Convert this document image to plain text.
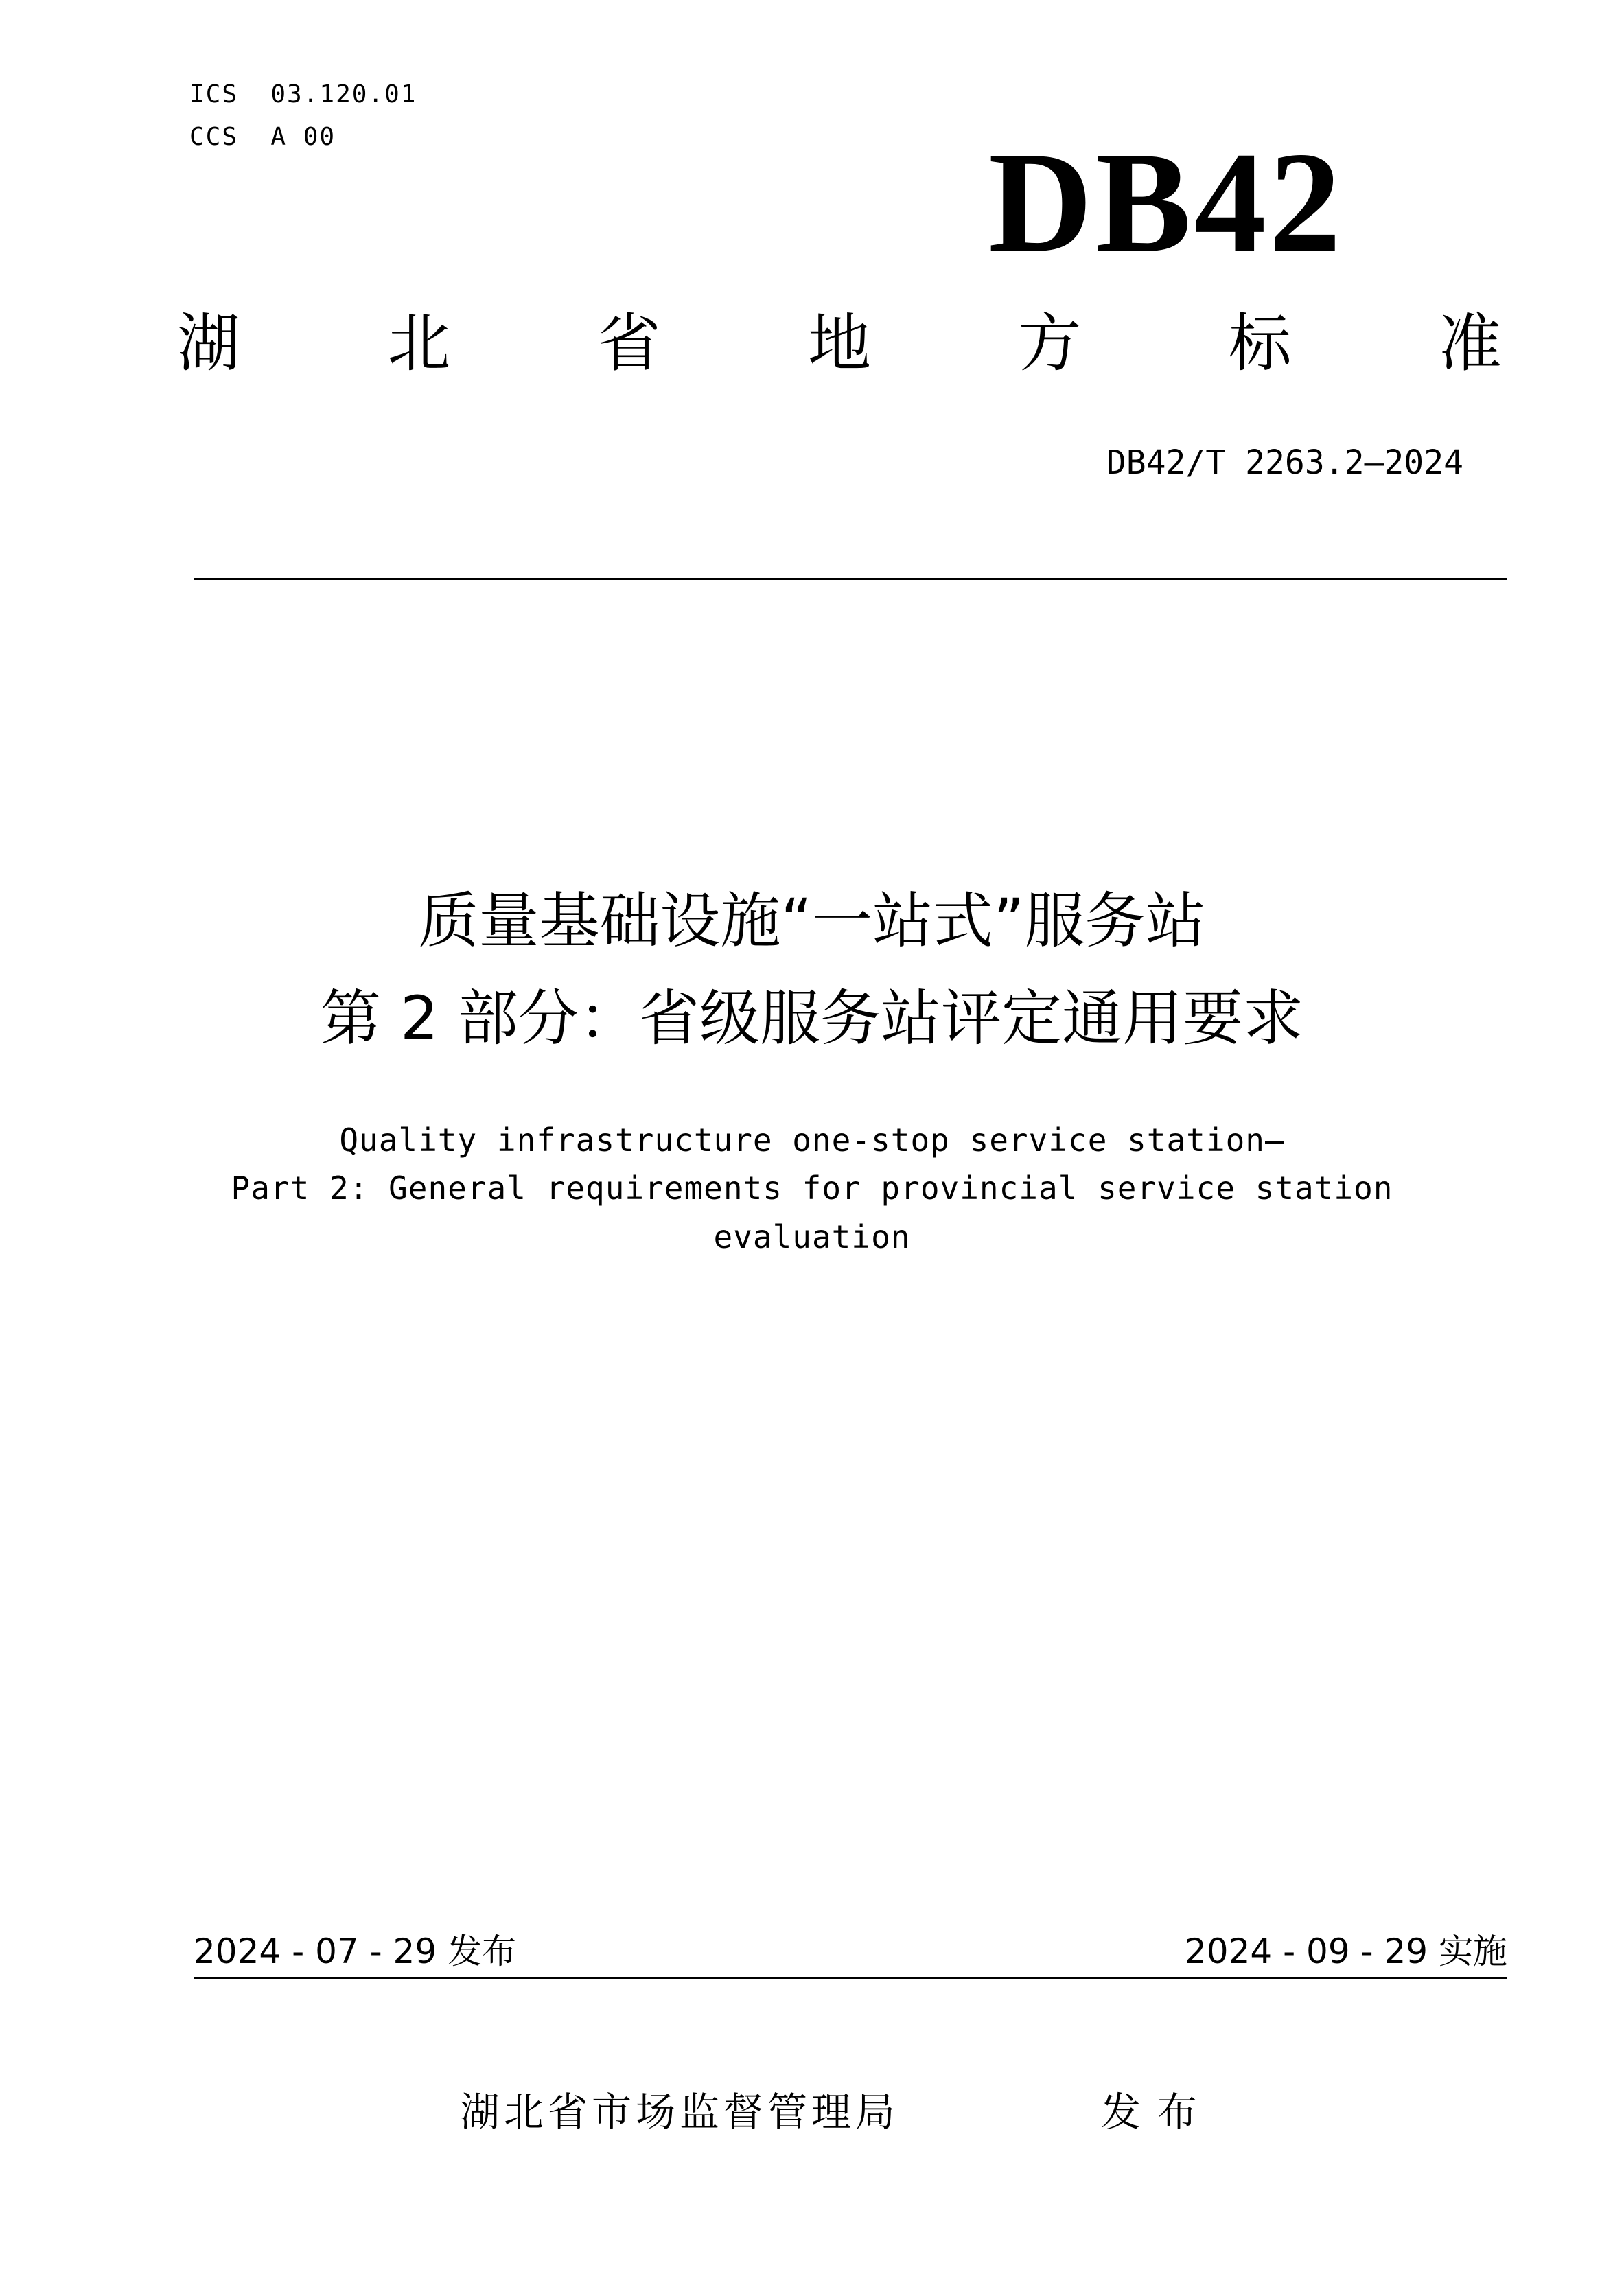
ICS  03.120.01
CCS  A 00	DB42
湖 北 省 地 方 标 准
DB42/T 2263.2—2024
质量基础设施“一站式”服务站
第 2 部分：省级服务站评定通用要求
Quality infrastructure one-stop service station—
Part 2: General requirements for provincial service station
evaluation
2024 - 07 - 29 发布	2024 - 09 - 29 实施
湖北省市场监督管理局	发布
